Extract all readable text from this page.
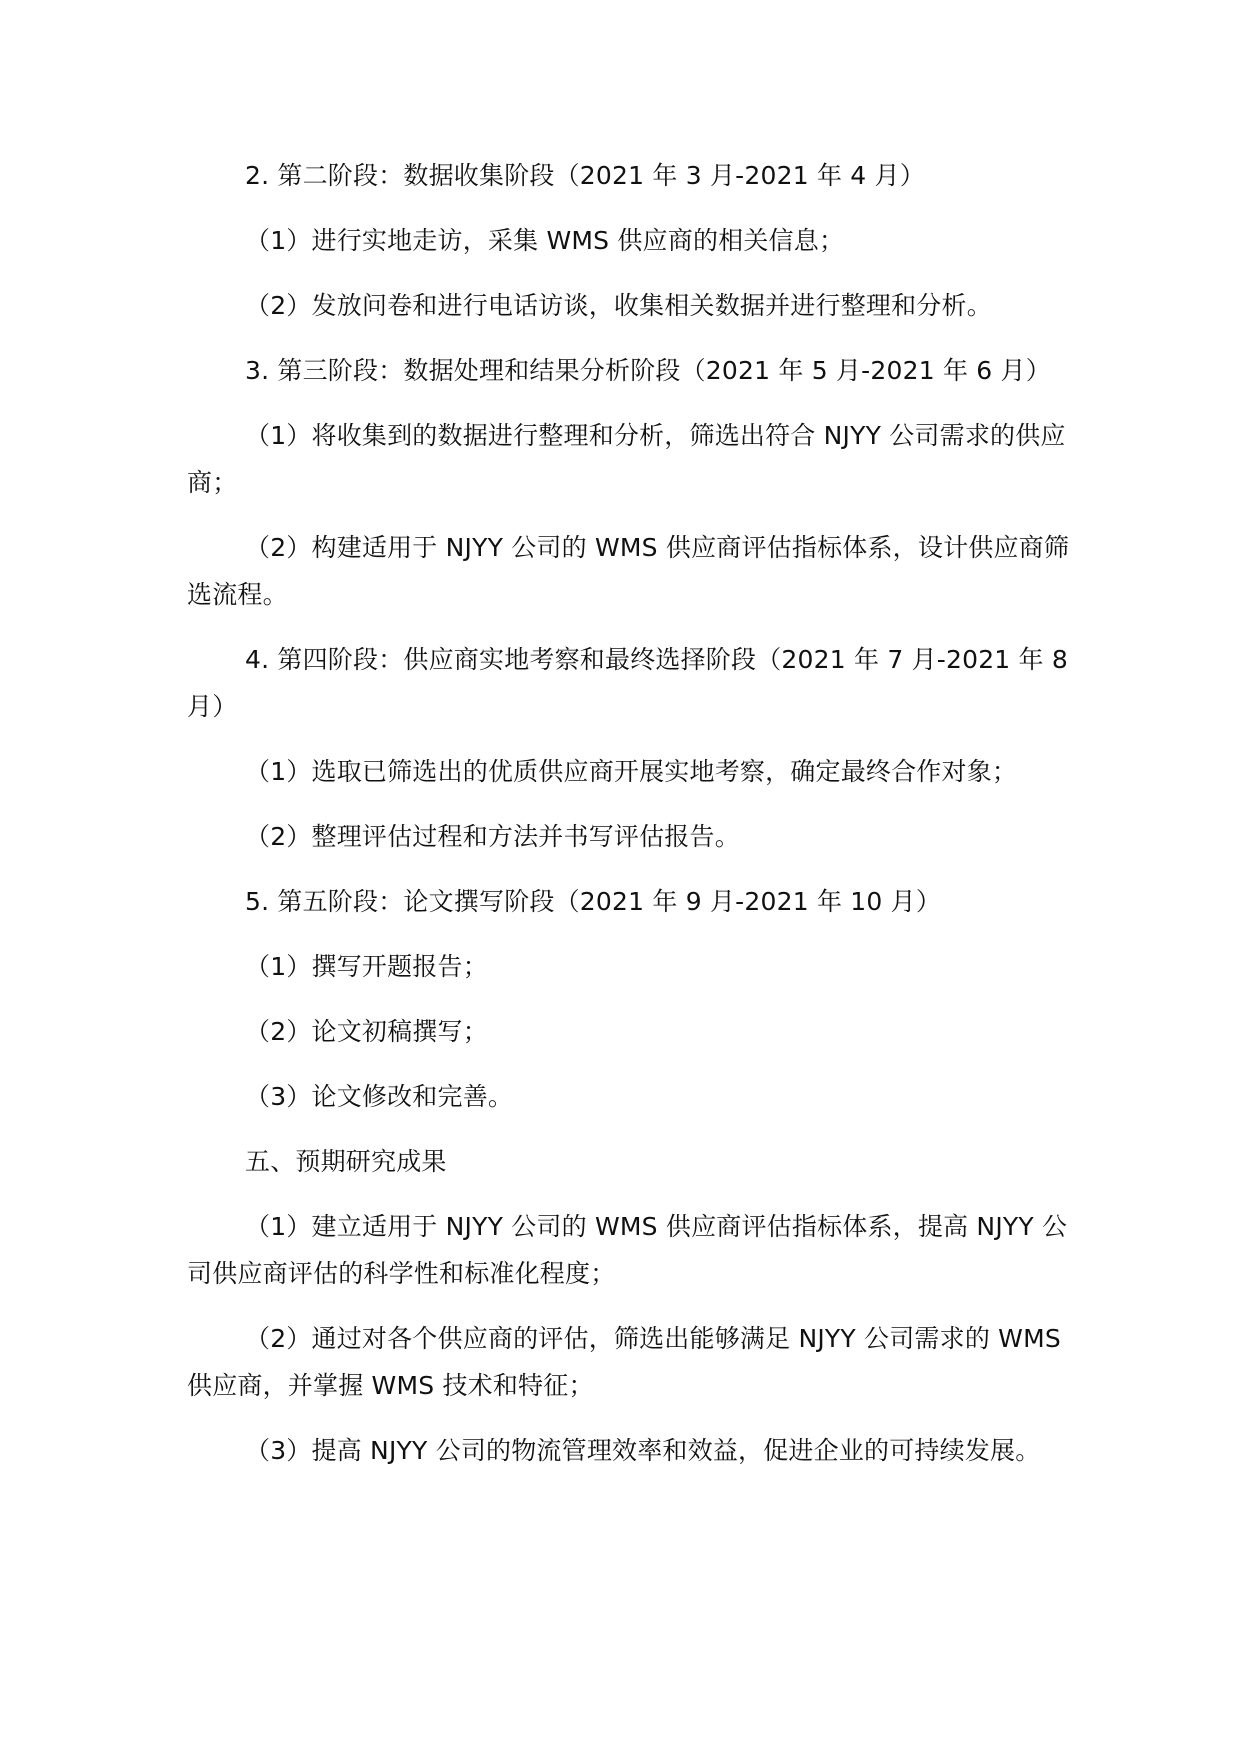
2. 第二阶段：数据收集阶段（2021 年 3 月-2021 年 4 月）

（1）进行实地走访，采集 WMS 供应商的相关信息；

（2）发放问卷和进行电话访谈，收集相关数据并进行整理和分析。

3. 第三阶段：数据处理和结果分析阶段（2021 年 5 月-2021 年 6 月）

（1）将收集到的数据进行整理和分析，筛选出符合 NJYY 公司需求的供应商；

（2）构建适用于 NJYY 公司的 WMS 供应商评估指标体系，设计供应商筛选流程。

4. 第四阶段：供应商实地考察和最终选择阶段（2021 年 7 月-2021 年 8 月）

（1）选取已筛选出的优质供应商开展实地考察，确定最终合作对象；

（2）整理评估过程和方法并书写评估报告。

5. 第五阶段：论文撰写阶段（2021 年 9 月-2021 年 10 月）

（1）撰写开题报告；

（2）论文初稿撰写；

（3）论文修改和完善。

五、预期研究成果

（1）建立适用于 NJYY 公司的 WMS 供应商评估指标体系，提高 NJYY 公司供应商评估的科学性和标准化程度；

（2）通过对各个供应商的评估，筛选出能够满足 NJYY 公司需求的 WMS 供应商，并掌握 WMS 技术和特征；

（3）提高 NJYY 公司的物流管理效率和效益，促进企业的可持续发展。
